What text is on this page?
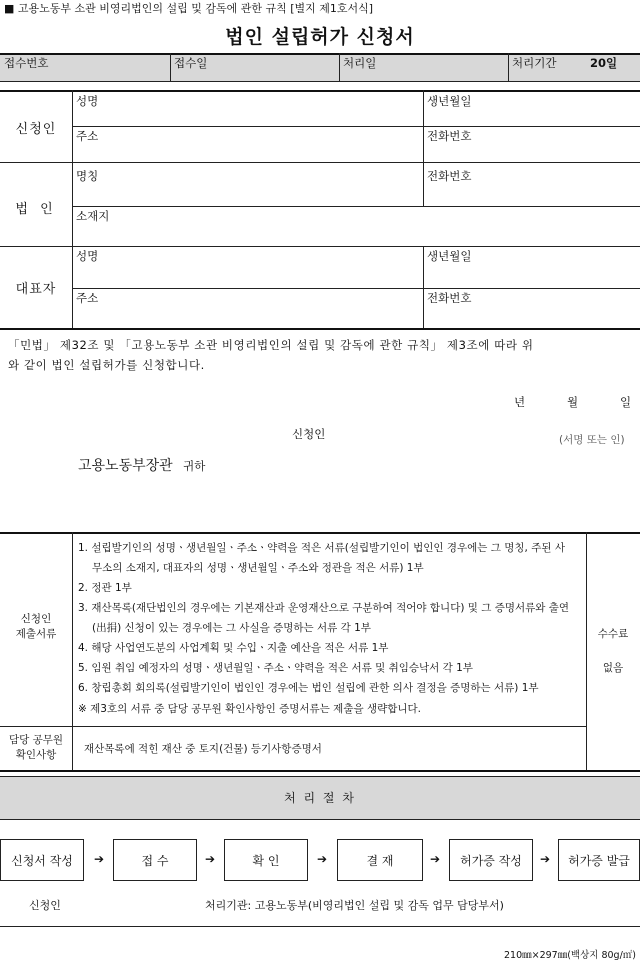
■ 고용노동부 소관 비영리법인의 설립 및 감독에 관한 규칙 [별지 제1호서식]
법인 설립허가 신청서
접수번호	접수일	처리일	처리기간	20일
신청인
성명	생년월일
주소	전화번호
법 인
명칭	전화번호
소재지
대표자
성명	생년월일
주소	전화번호
「민법」 제32조 및 「고용노동부 소관 비영리법인의 설립 및 감독에 관한 규칙」 제3조에 따라 위
와 같이 법인 설립허가를 신청합니다.
년	월	일
신청인	(서명 또는 인)
고용노동부장관 귀하
신청인
제출서류
1. 설립발기인의 성명ㆍ생년월일ㆍ주소ㆍ약력을 적은 서류(설립발기인이 법인인 경우에는 그 명칭, 주된 사
무소의 소재지, 대표자의 성명ㆍ생년월일ㆍ주소와 정관을 적은 서류) 1부
2. 정관 1부
3. 재산목록(재단법인의 경우에는 기본재산과 운영재산으로 구분하여 적어야 합니다) 및 그 증명서류와 출연
(出捐) 신청이 있는 경우에는 그 사실을 증명하는 서류 각 1부
4. 해당 사업연도분의 사업계획 및 수입ㆍ지출 예산을 적은 서류 1부
5. 임원 취임 예정자의 성명ㆍ생년월일ㆍ주소ㆍ약력을 적은 서류 및 취임승낙서 각 1부
6. 창립총회 회의록(설립발기인이 법인인 경우에는 법인 설립에 관한 의사 결정을 증명하는 서류) 1부
※ 제3호의 서류 중 담당 공무원 확인사항인 증명서류는 제출을 생략합니다.
수수료
없음
담당 공무원
확인사항	재산목록에 적힌 재산 중 토지(건물) 등기사항증명서
처 리 절 차
신청서 작성	➔	접 수	➔	확 인	➔	결 재	➔	허가증 작성	➔	허가증 발급
신청인	처리기관: 고용노동부(비영리법인 설립 및 감독 업무 담당부서)
210㎜×297㎜(백상지 80g/㎡)
